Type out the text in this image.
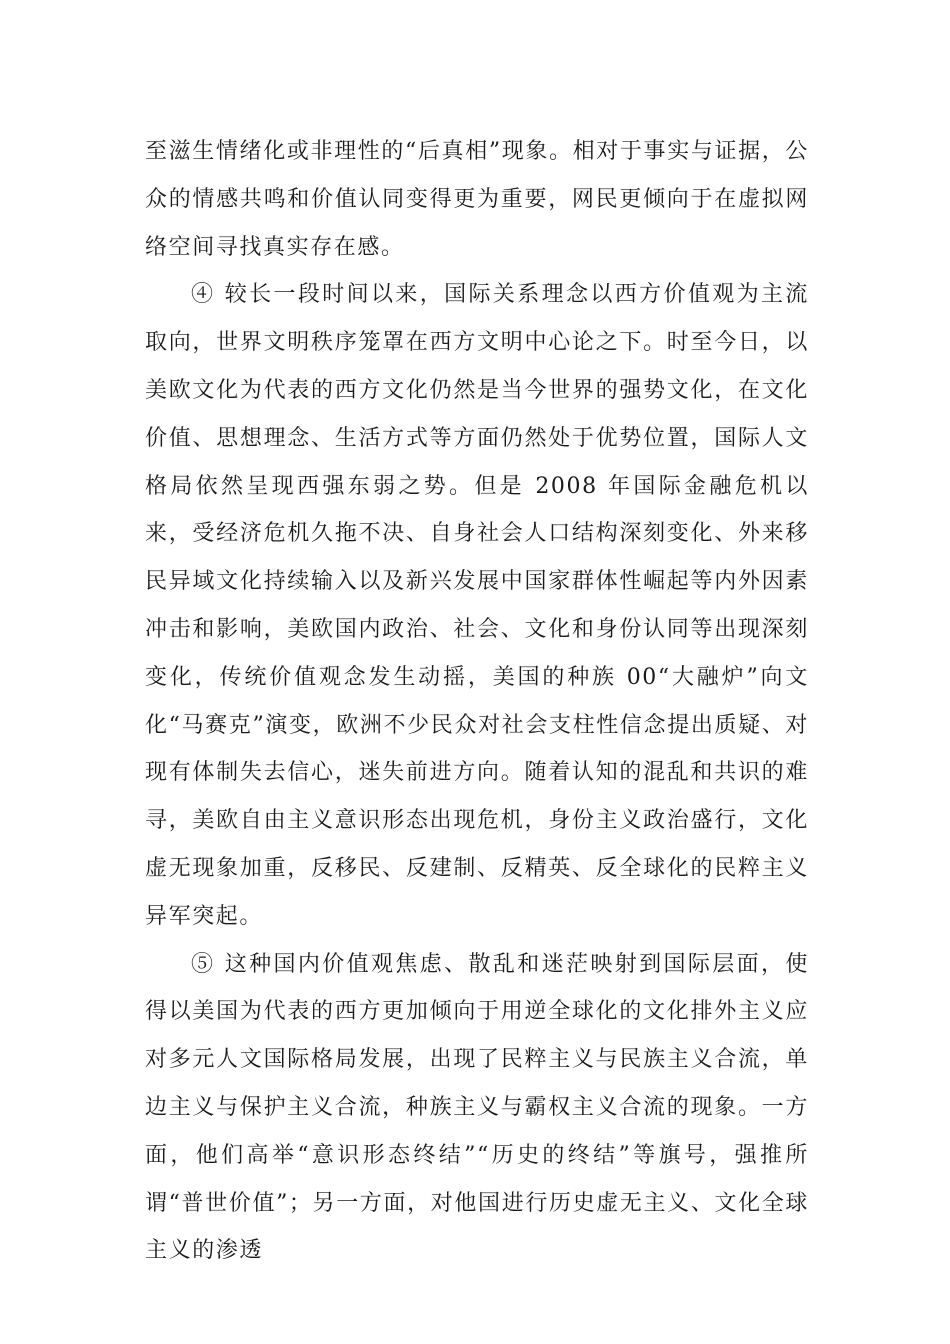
至滋生情绪化或非理性的“后真相”现象。相对于事实与证据，公众的情感共鸣和价值认同变得更为重要，网民更倾向于在虚拟网络空间寻找真实存在感。

④ 较长一段时间以来，国际关系理念以西方价值观为主流取向，世界文明秩序笼罩在西方文明中心论之下。时至今日，以美欧文化为代表的西方文化仍然是当今世界的强势文化，在文化价值、思想理念、生活方式等方面仍然处于优势位置，国际人文格局依然呈现西强东弱之势。但是 2008 年国际金融危机以来，受经济危机久拖不决、自身社会人口结构深刻变化、外来移民异域文化持续输入以及新兴发展中国家群体性崛起等内外因素冲击和影响，美欧国内政治、社会、文化和身份认同等出现深刻变化，传统价值观念发生动摇，美国的种族 00“大融炉”向文化“马赛克”演变，欧洲不少民众对社会支柱性信念提出质疑、对现有体制失去信心，迷失前进方向。随着认知的混乱和共识的难寻，美欧自由主义意识形态出现危机，身份主义政治盛行，文化虚无现象加重，反移民、反建制、反精英、反全球化的民粹主义异军突起。

⑤ 这种国内价值观焦虑、散乱和迷茫映射到国际层面，使得以美国为代表的西方更加倾向于用逆全球化的文化排外主义应对多元人文国际格局发展，出现了民粹主义与民族主义合流，单边主义与保护主义合流，种族主义与霸权主义合流的现象。一方面，他们高举“意识形态终结”“历史的终结”等旗号，强推所谓“普世价值”；另一方面，对他国进行历史虚无主义、文化全球主义的渗透
